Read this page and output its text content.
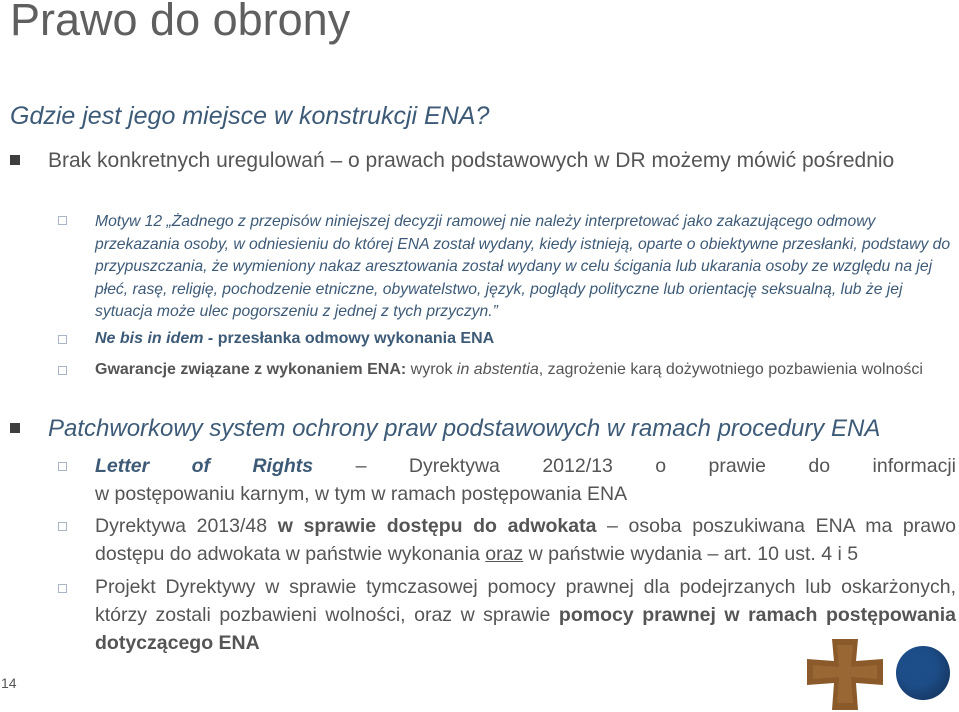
Prawo do obrony
Gdzie jest jego miejsce w konstrukcji ENA?

Brak konkretnych uregulowań – o prawach podstawowych w DR możemy mówić pośrednio

Motyw 12 „Żadnego z przepisów niniejszej decyzji ramowej nie należy interpretować jako zakazującego odmowy przekazania osoby, w odniesieniu do której ENA został wydany, kiedy istnieją, oparte o obiektywne przesłanki, podstawy do przypuszczania, że wymieniony nakaz aresztowania został wydany w celu ścigania lub ukarania osoby ze względu na jej płeć, rasę, religię, pochodzenie etniczne, obywatelstwo, język, poglądy polityczne lub orientację seksualną, lub że jej sytuacja może ulec pogorszeniu z jednej z tych przyczyn.”

Ne bis in idem - przesłanka odmowy wykonania ENA

Gwarancje związane z wykonaniem ENA: wyrok in abstentia, zagrożenie karą dożywotniego pozbawienia wolności

Patchworkowy system ochrony praw podstawowych w ramach procedury ENA

Letter of Rights – Dyrektywa 2012/13 o prawie do informacji
w postępowaniu karnym, w tym w ramach postępowania ENA

Dyrektywa 2013/48 w sprawie dostępu do adwokata – osoba poszukiwana ENA ma prawo dostępu do adwokata w państwie wykonania oraz w państwie wydania – art. 10 ust. 4 i 5

Projekt Dyrektywy w sprawie tymczasowej pomocy prawnej dla podejrzanych lub oskarżonych, którzy zostali pozbawieni wolności, oraz w sprawie pomocy prawnej w ramach postępowania dotyczącego ENA

14
